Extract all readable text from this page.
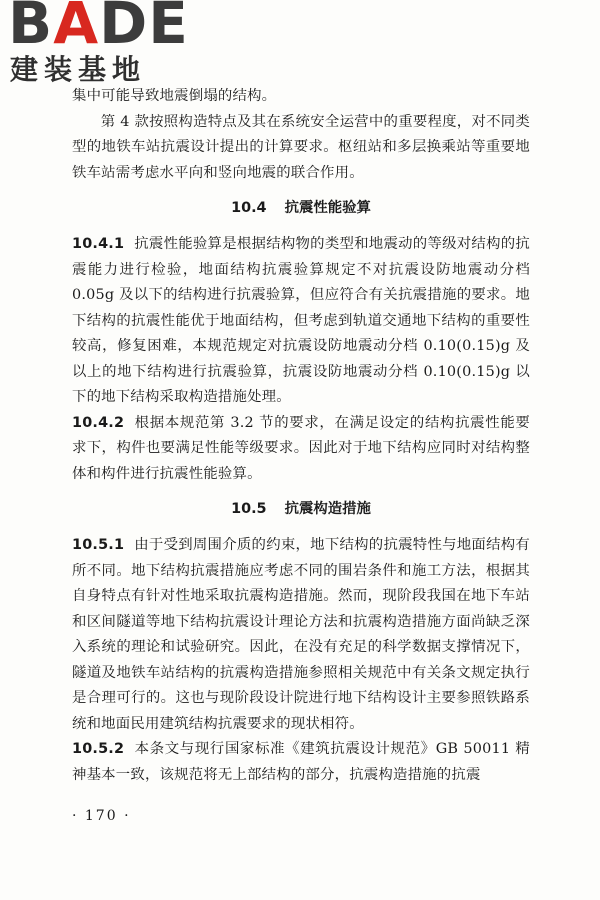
BADE
建装基地

集中可能导致地震倒塌的结构。

第 4 款按照构造特点及其在系统安全运营中的重要程度，对不同类型的地铁车站抗震设计提出的计算要求。枢纽站和多层换乘站等重要地铁车站需考虑水平向和竖向地震的联合作用。

10.4 抗震性能验算

10.4.1 抗震性能验算是根据结构物的类型和地震动的等级对结构的抗震能力进行检验，地面结构抗震验算规定不对抗震设防地震动分档 0.05g 及以下的结构进行抗震验算，但应符合有关抗震措施的要求。地下结构的抗震性能优于地面结构，但考虑到轨道交通地下结构的重要性较高，修复困难，本规范规定对抗震设防地震动分档 0.10(0.15)g 及以上的地下结构进行抗震验算，抗震设防地震动分档 0.10(0.15)g 以下的地下结构采取构造措施处理。

10.4.2 根据本规范第 3.2 节的要求，在满足设定的结构抗震性能要求下，构件也要满足性能等级要求。因此对于地下结构应同时对结构整体和构件进行抗震性能验算。

10.5 抗震构造措施

10.5.1 由于受到周围介质的约束，地下结构的抗震特性与地面结构有所不同。地下结构抗震措施应考虑不同的围岩条件和施工方法，根据其自身特点有针对性地采取抗震构造措施。然而，现阶段我国在地下车站和区间隧道等地下结构抗震设计理论方法和抗震构造措施方面尚缺乏深入系统的理论和试验研究。因此，在没有充足的科学数据支撑情况下，隧道及地铁车站结构的抗震构造措施参照相关规范中有关条文规定执行是合理可行的。这也与现阶段设计院进行地下结构设计主要参照铁路系统和地面民用建筑结构抗震要求的现状相符。

10.5.2 本条文与现行国家标准《建筑抗震设计规范》GB 50011 精神基本一致，该规范将无上部结构的部分，抗震构造措施的抗震

· 170 ·
